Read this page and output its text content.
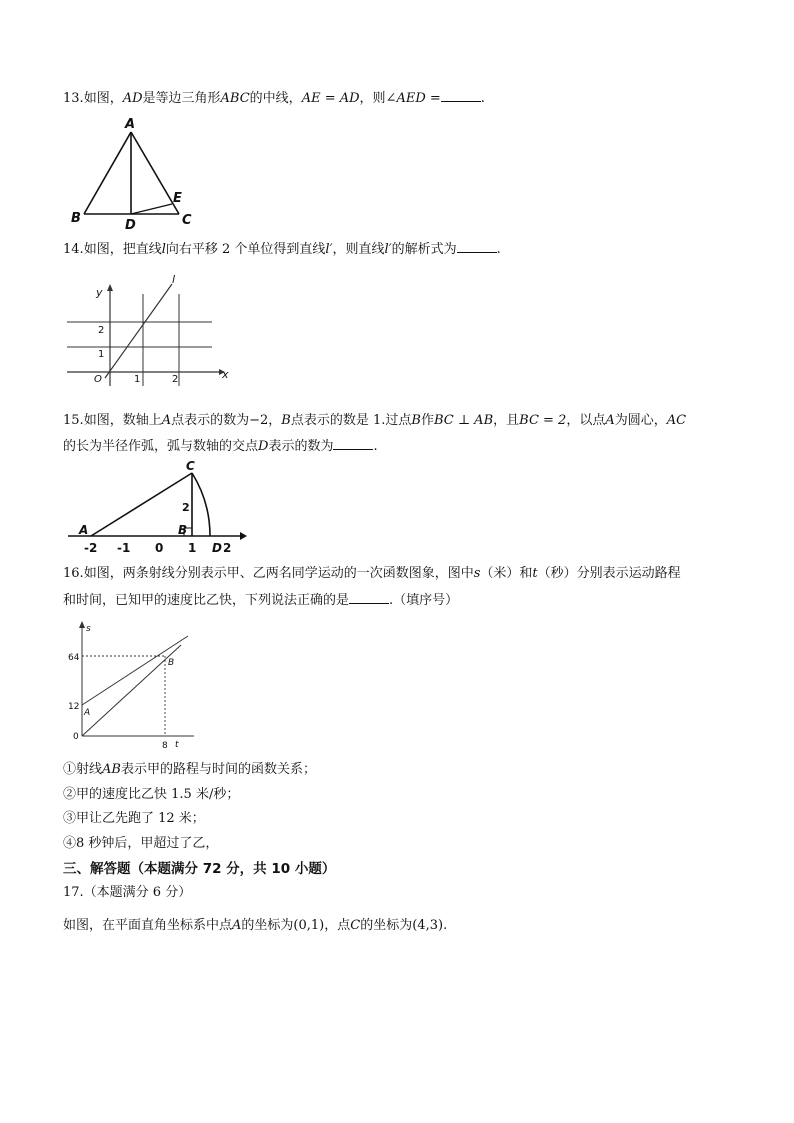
13.如图，AD是等边三角形ABC的中线，AE = AD，则∠AED =	.
A
B	C
D
E
14.如图，把直线l向右平移 2 个单位得到直线l′，则直线l′的解析式为	.
l
y
x
O
1
2
1	2
15.如图，数轴上A点表示的数为−2，B点表示的数是 1.过点B作BC ⊥ AB，且BC = 2，以点A为圆心，AC
的长为半径作弧，弧与数轴的交点D表示的数为	.
C
A	B
2
D
-2 -1 0 1 2
16.如图，两条射线分别表示甲、乙两名同学运动的一次函数图象，图中s（米）和t（秒）分别表示运动路程
和时间，已知甲的速度比乙快，下列说法正确的是	.（填序号）
s
t
64
12
0
8
A
B
①射线AB表示甲的路程与时间的函数关系；
②甲的速度比乙快 1.5 米/秒；
③甲让乙先跑了 12 米；
④8 秒钟后，甲超过了乙，
三、解答题（本题满分 72 分，共 10 小题）
17.（本题满分 6 分）
如图，在平面直角坐标系中点A的坐标为(0,1)，点C的坐标为(4,3).
